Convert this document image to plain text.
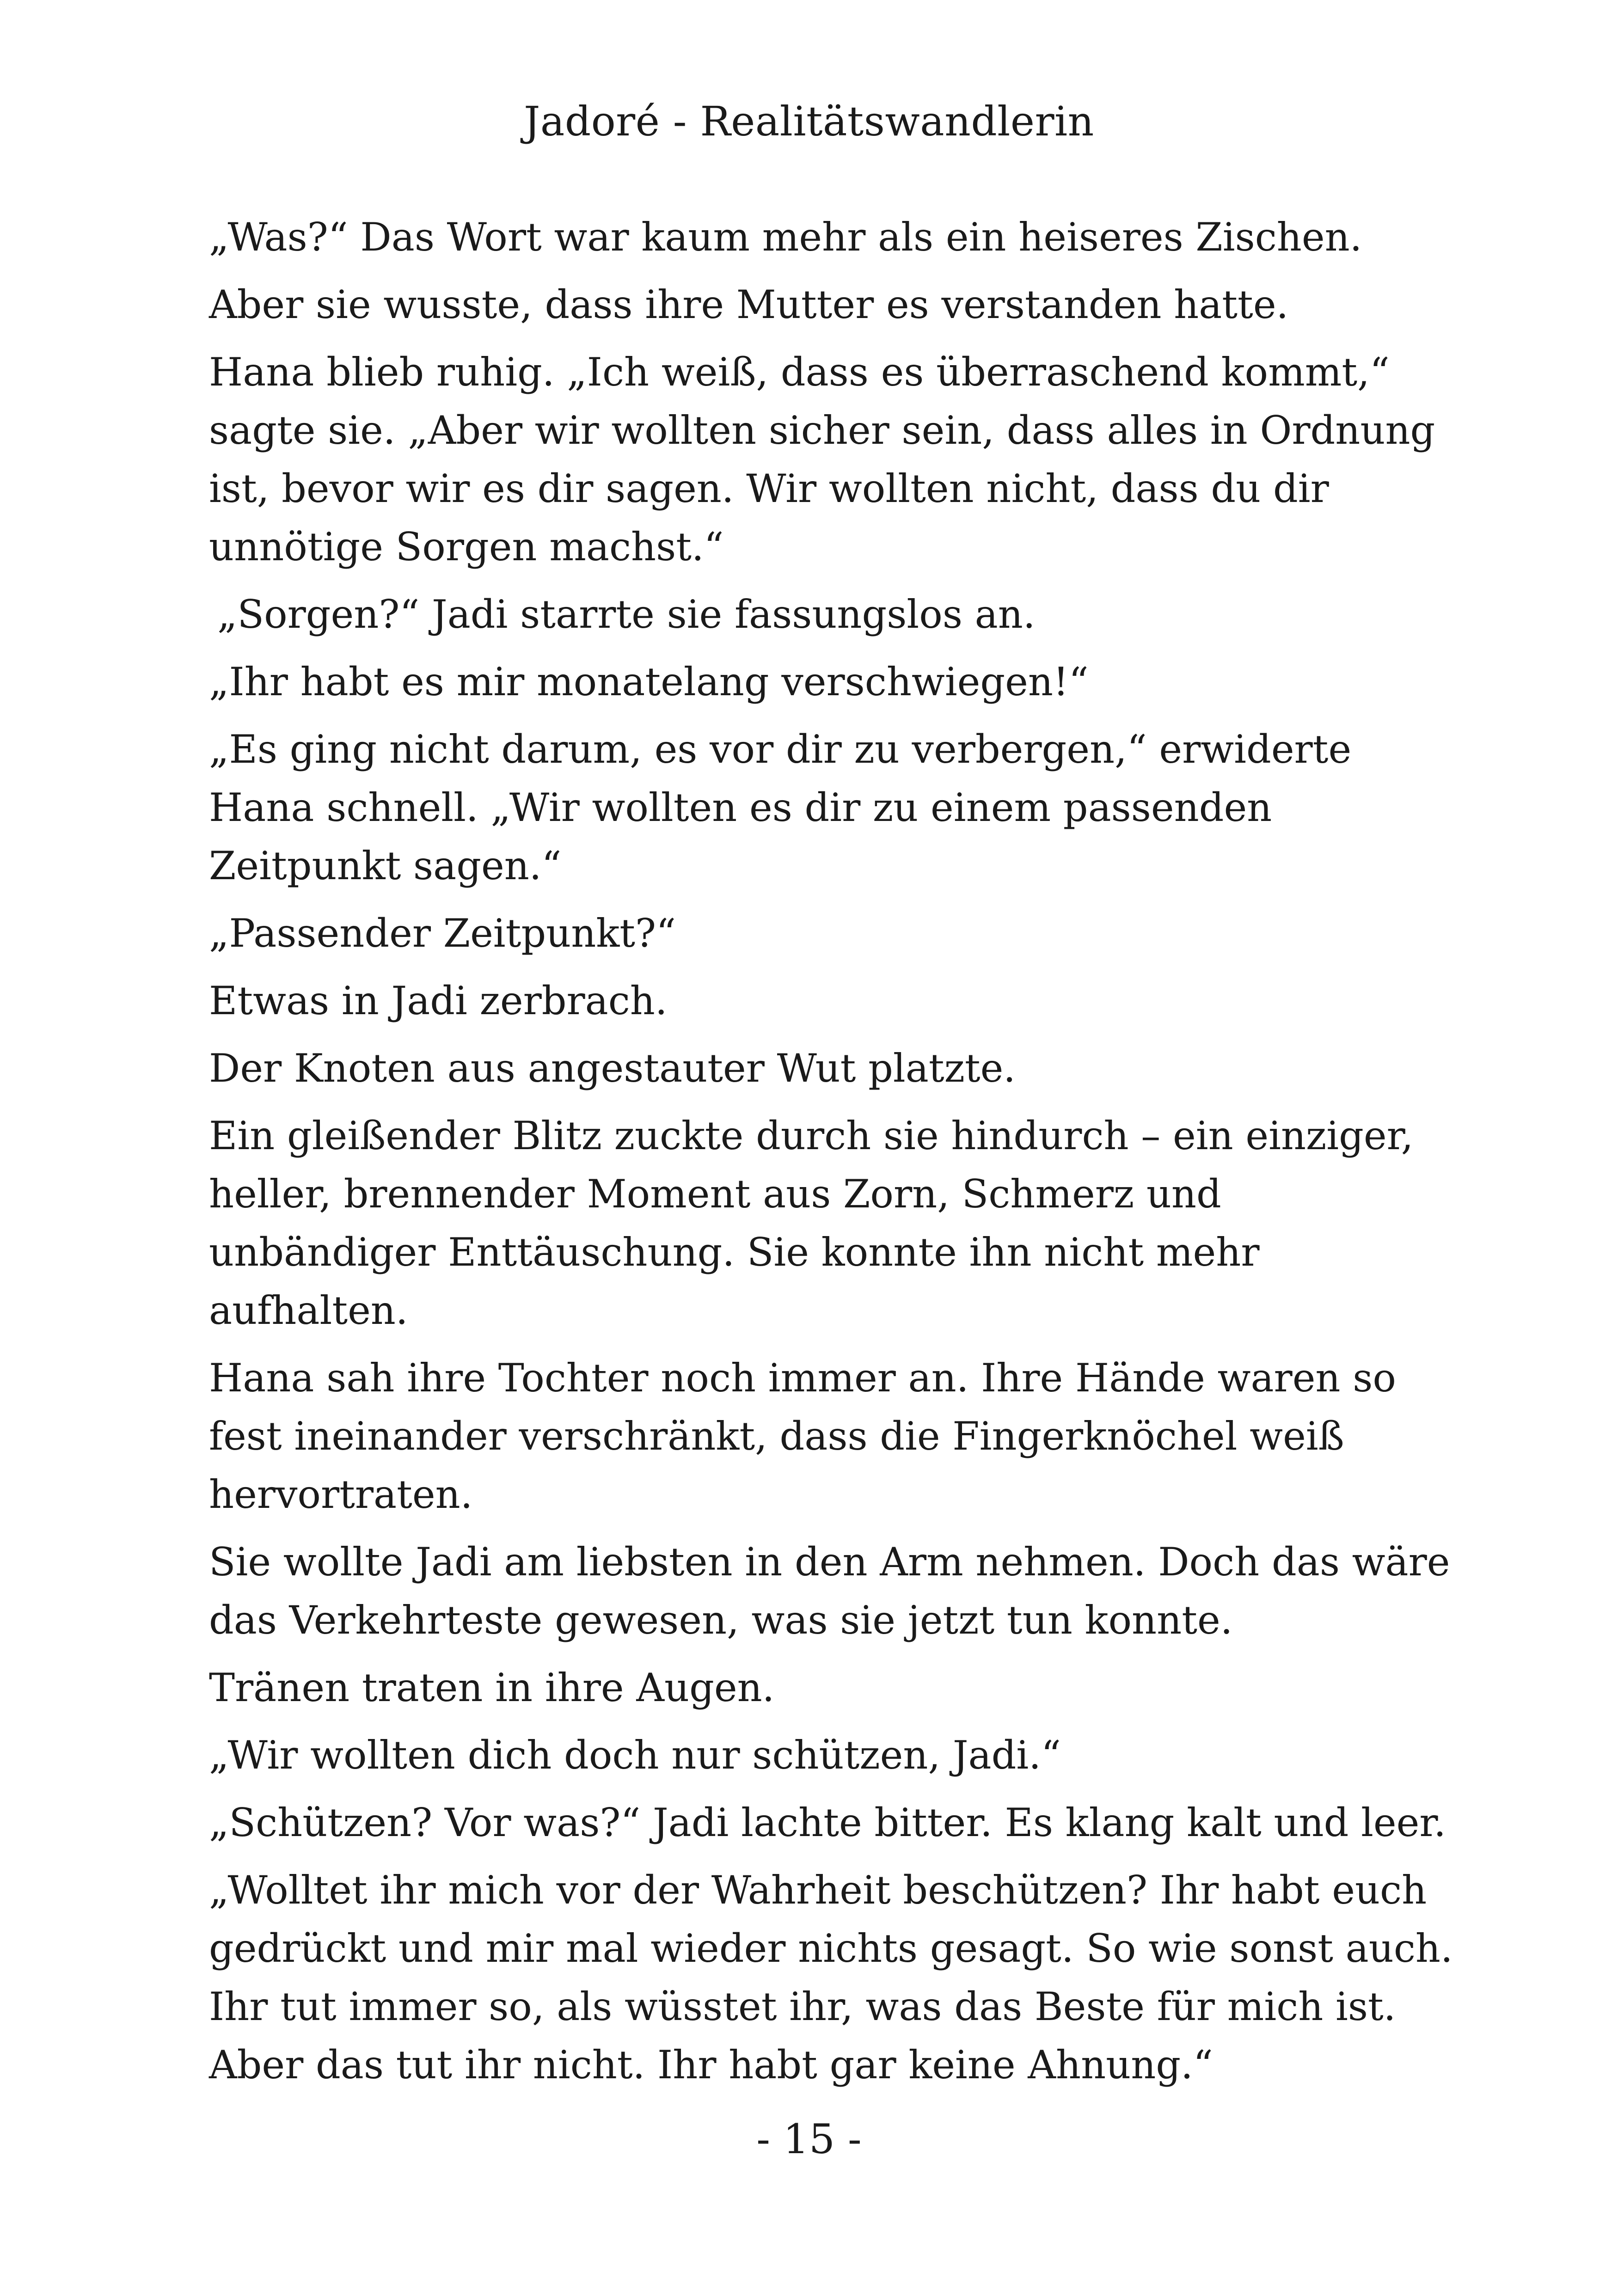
Jadoré - Realitätswandlerin

„Was?“ Das Wort war kaum mehr als ein heiseres Zischen.

Aber sie wusste, dass ihre Mutter es verstanden hatte.

Hana blieb ruhig. „Ich weiß, dass es überraschend kommt,“ sagte sie. „Aber wir wollten sicher sein, dass alles in Ordnung ist, bevor wir es dir sagen. Wir wollten nicht, dass du dir unnötige Sorgen machst.“

„Sorgen?“ Jadi starrte sie fassungslos an.

„Ihr habt es mir monatelang verschwiegen!“

„Es ging nicht darum, es vor dir zu verbergen,“ erwiderte Hana schnell. „Wir wollten es dir zu einem passenden Zeitpunkt sagen.“

„Passender Zeitpunkt?“

Etwas in Jadi zerbrach.

Der Knoten aus angestauter Wut platzte.

Ein gleißender Blitz zuckte durch sie hindurch – ein einziger, heller, brennender Moment aus Zorn, Schmerz und unbändiger Enttäuschung. Sie konnte ihn nicht mehr aufhalten.

Hana sah ihre Tochter noch immer an. Ihre Hände waren so fest ineinander verschränkt, dass die Fingerknöchel weiß hervortraten.

Sie wollte Jadi am liebsten in den Arm nehmen. Doch das wäre das Verkehrteste gewesen, was sie jetzt tun konnte.

Tränen traten in ihre Augen.

„Wir wollten dich doch nur schützen, Jadi.“

„Schützen? Vor was?“ Jadi lachte bitter. Es klang kalt und leer.

„Wolltet ihr mich vor der Wahrheit beschützen? Ihr habt euch gedrückt und mir mal wieder nichts gesagt. So wie sonst auch. Ihr tut immer so, als wüsstet ihr, was das Beste für mich ist. Aber das tut ihr nicht. Ihr habt gar keine Ahnung.“

- 15 -
